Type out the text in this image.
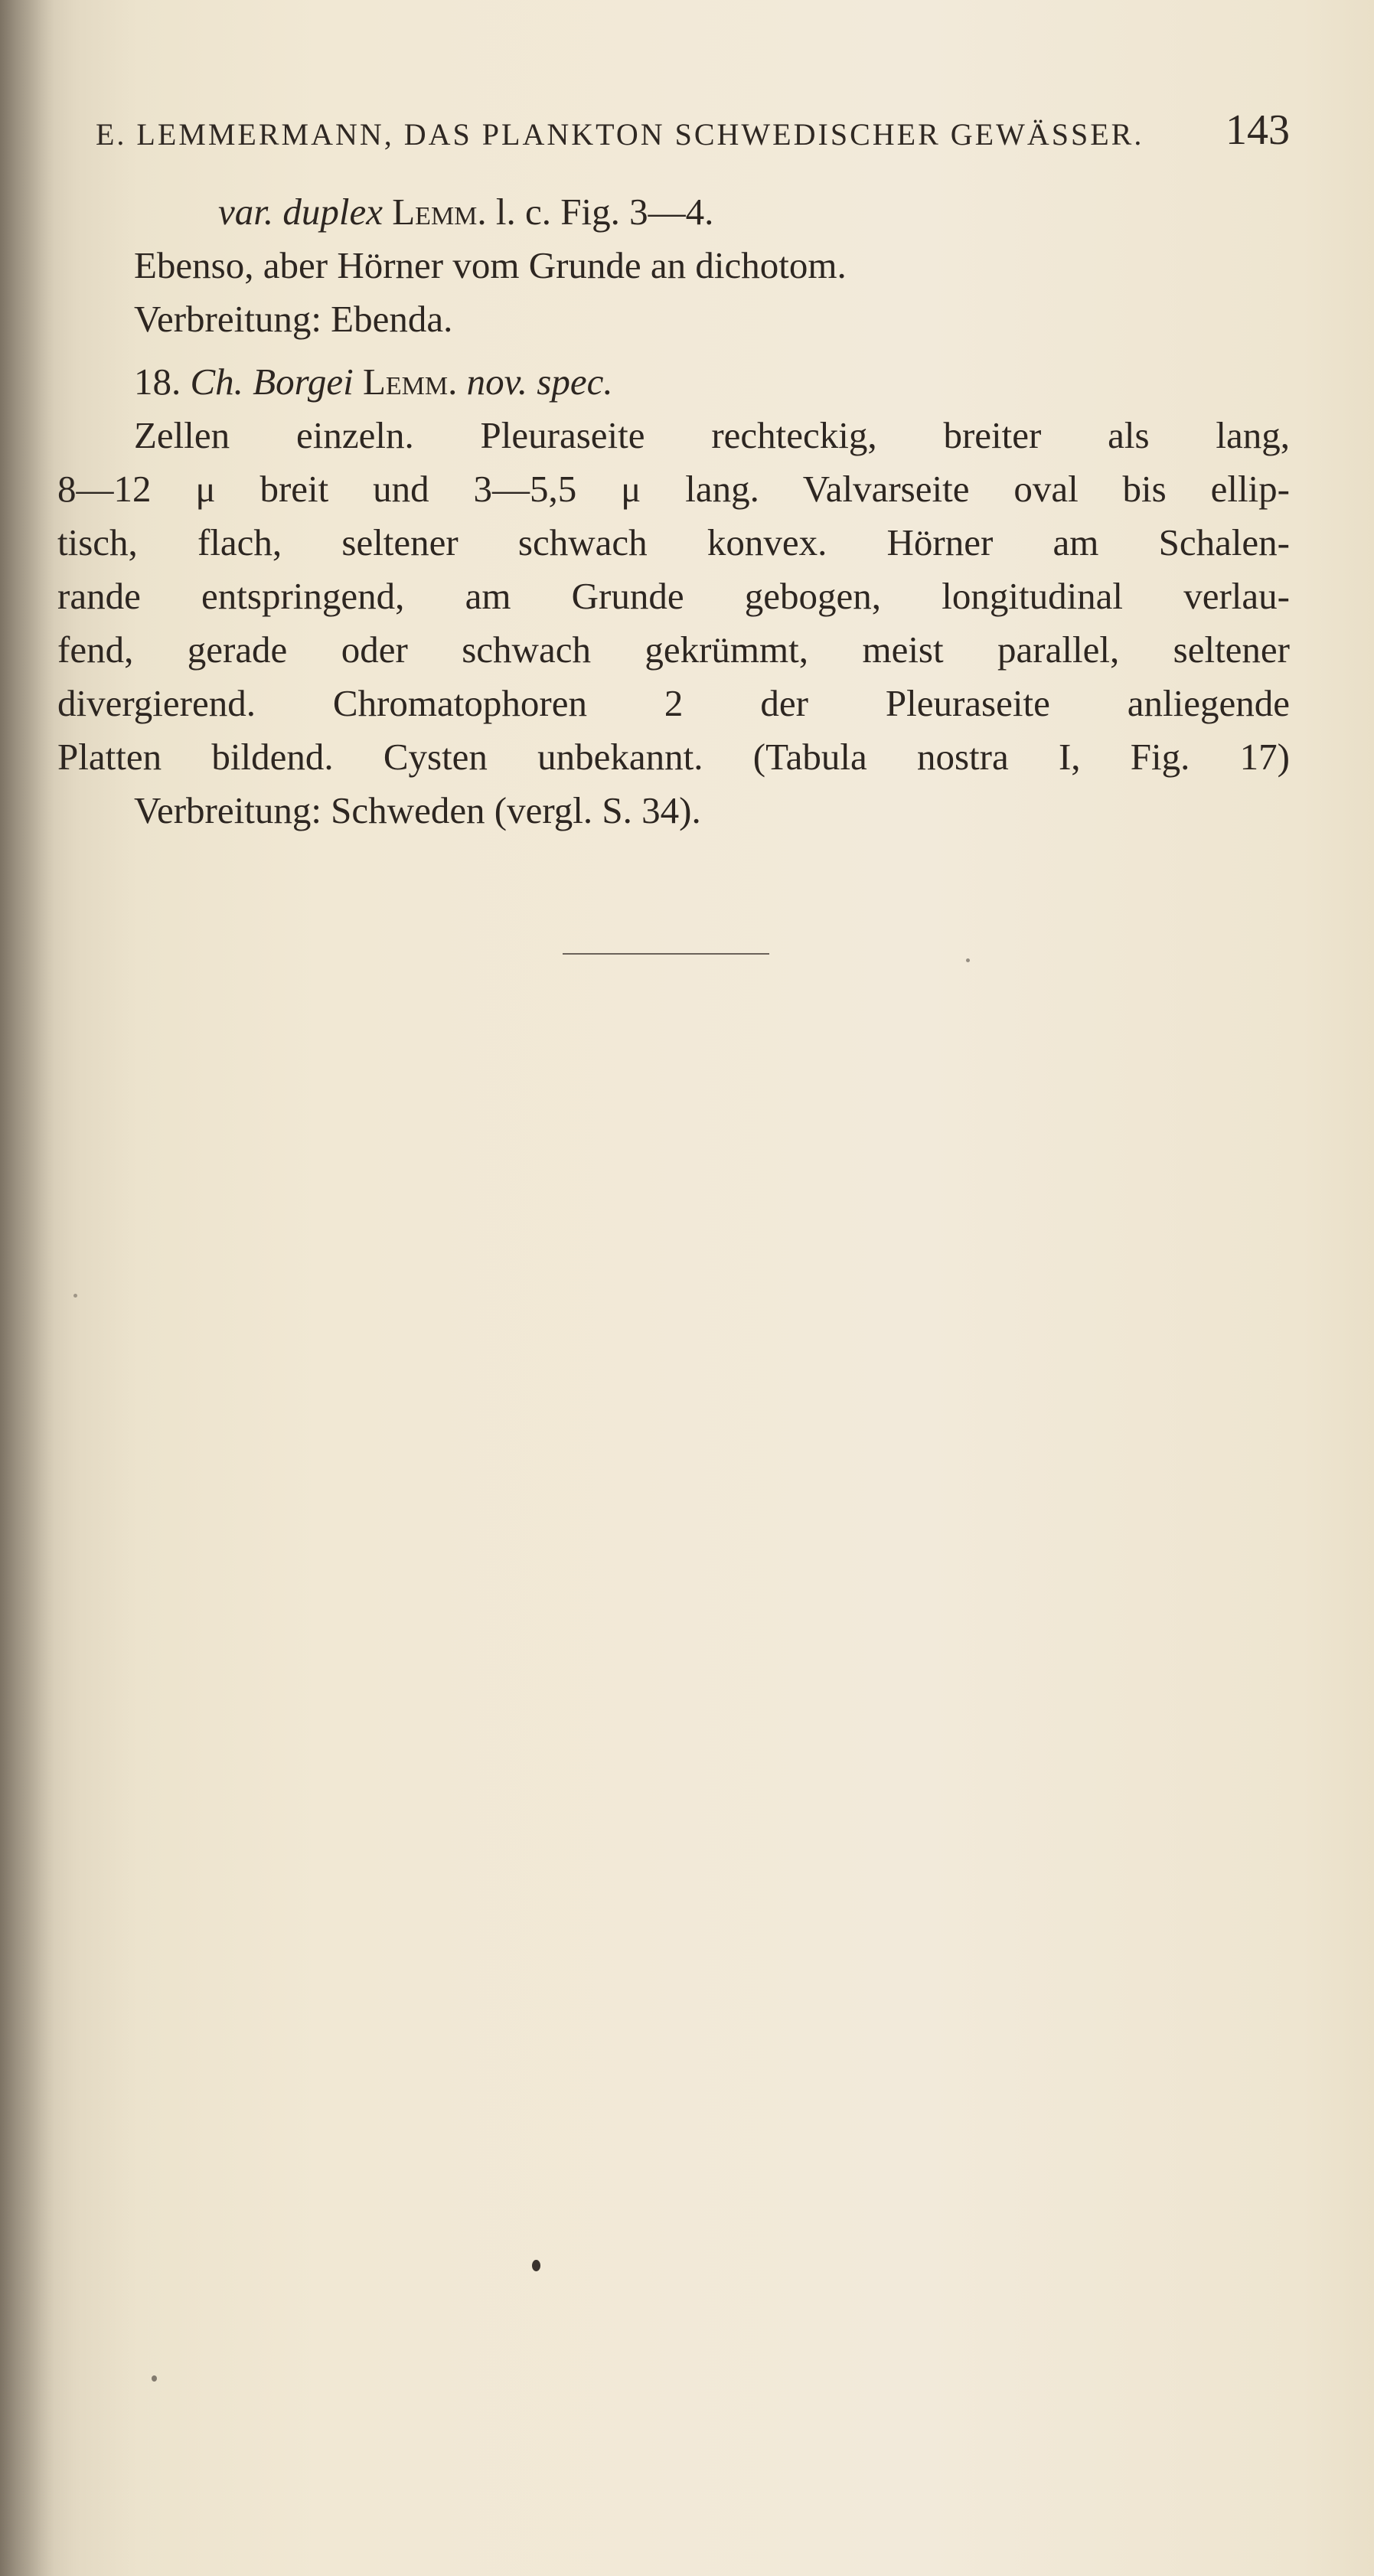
E. LEMMERMANN, DAS PLANKTON SCHWEDISCHER GEWÄSSER. 143
var. duplex Lemm. l. c. Fig. 3—4.
Ebenso, aber Hörner vom Grunde an dichotom.
Verbreitung: Ebenda.
18. Ch. Borgei Lemm. nov. spec.
Zellen einzeln. Pleuraseite rechteckig, breiter als lang,
8—12 μ breit und 3—5,5 μ lang. Valvarseite oval bis ellip-
tisch, flach, seltener schwach konvex. Hörner am Schalen-
rande entspringend, am Grunde gebogen, longitudinal verlau-
fend, gerade oder schwach gekrümmt, meist parallel, seltener
divergierend. Chromatophoren 2 der Pleuraseite anliegende
Platten bildend. Cysten unbekannt. (Tabula nostra I, Fig. 17)
Verbreitung: Schweden (vergl. S. 34).
